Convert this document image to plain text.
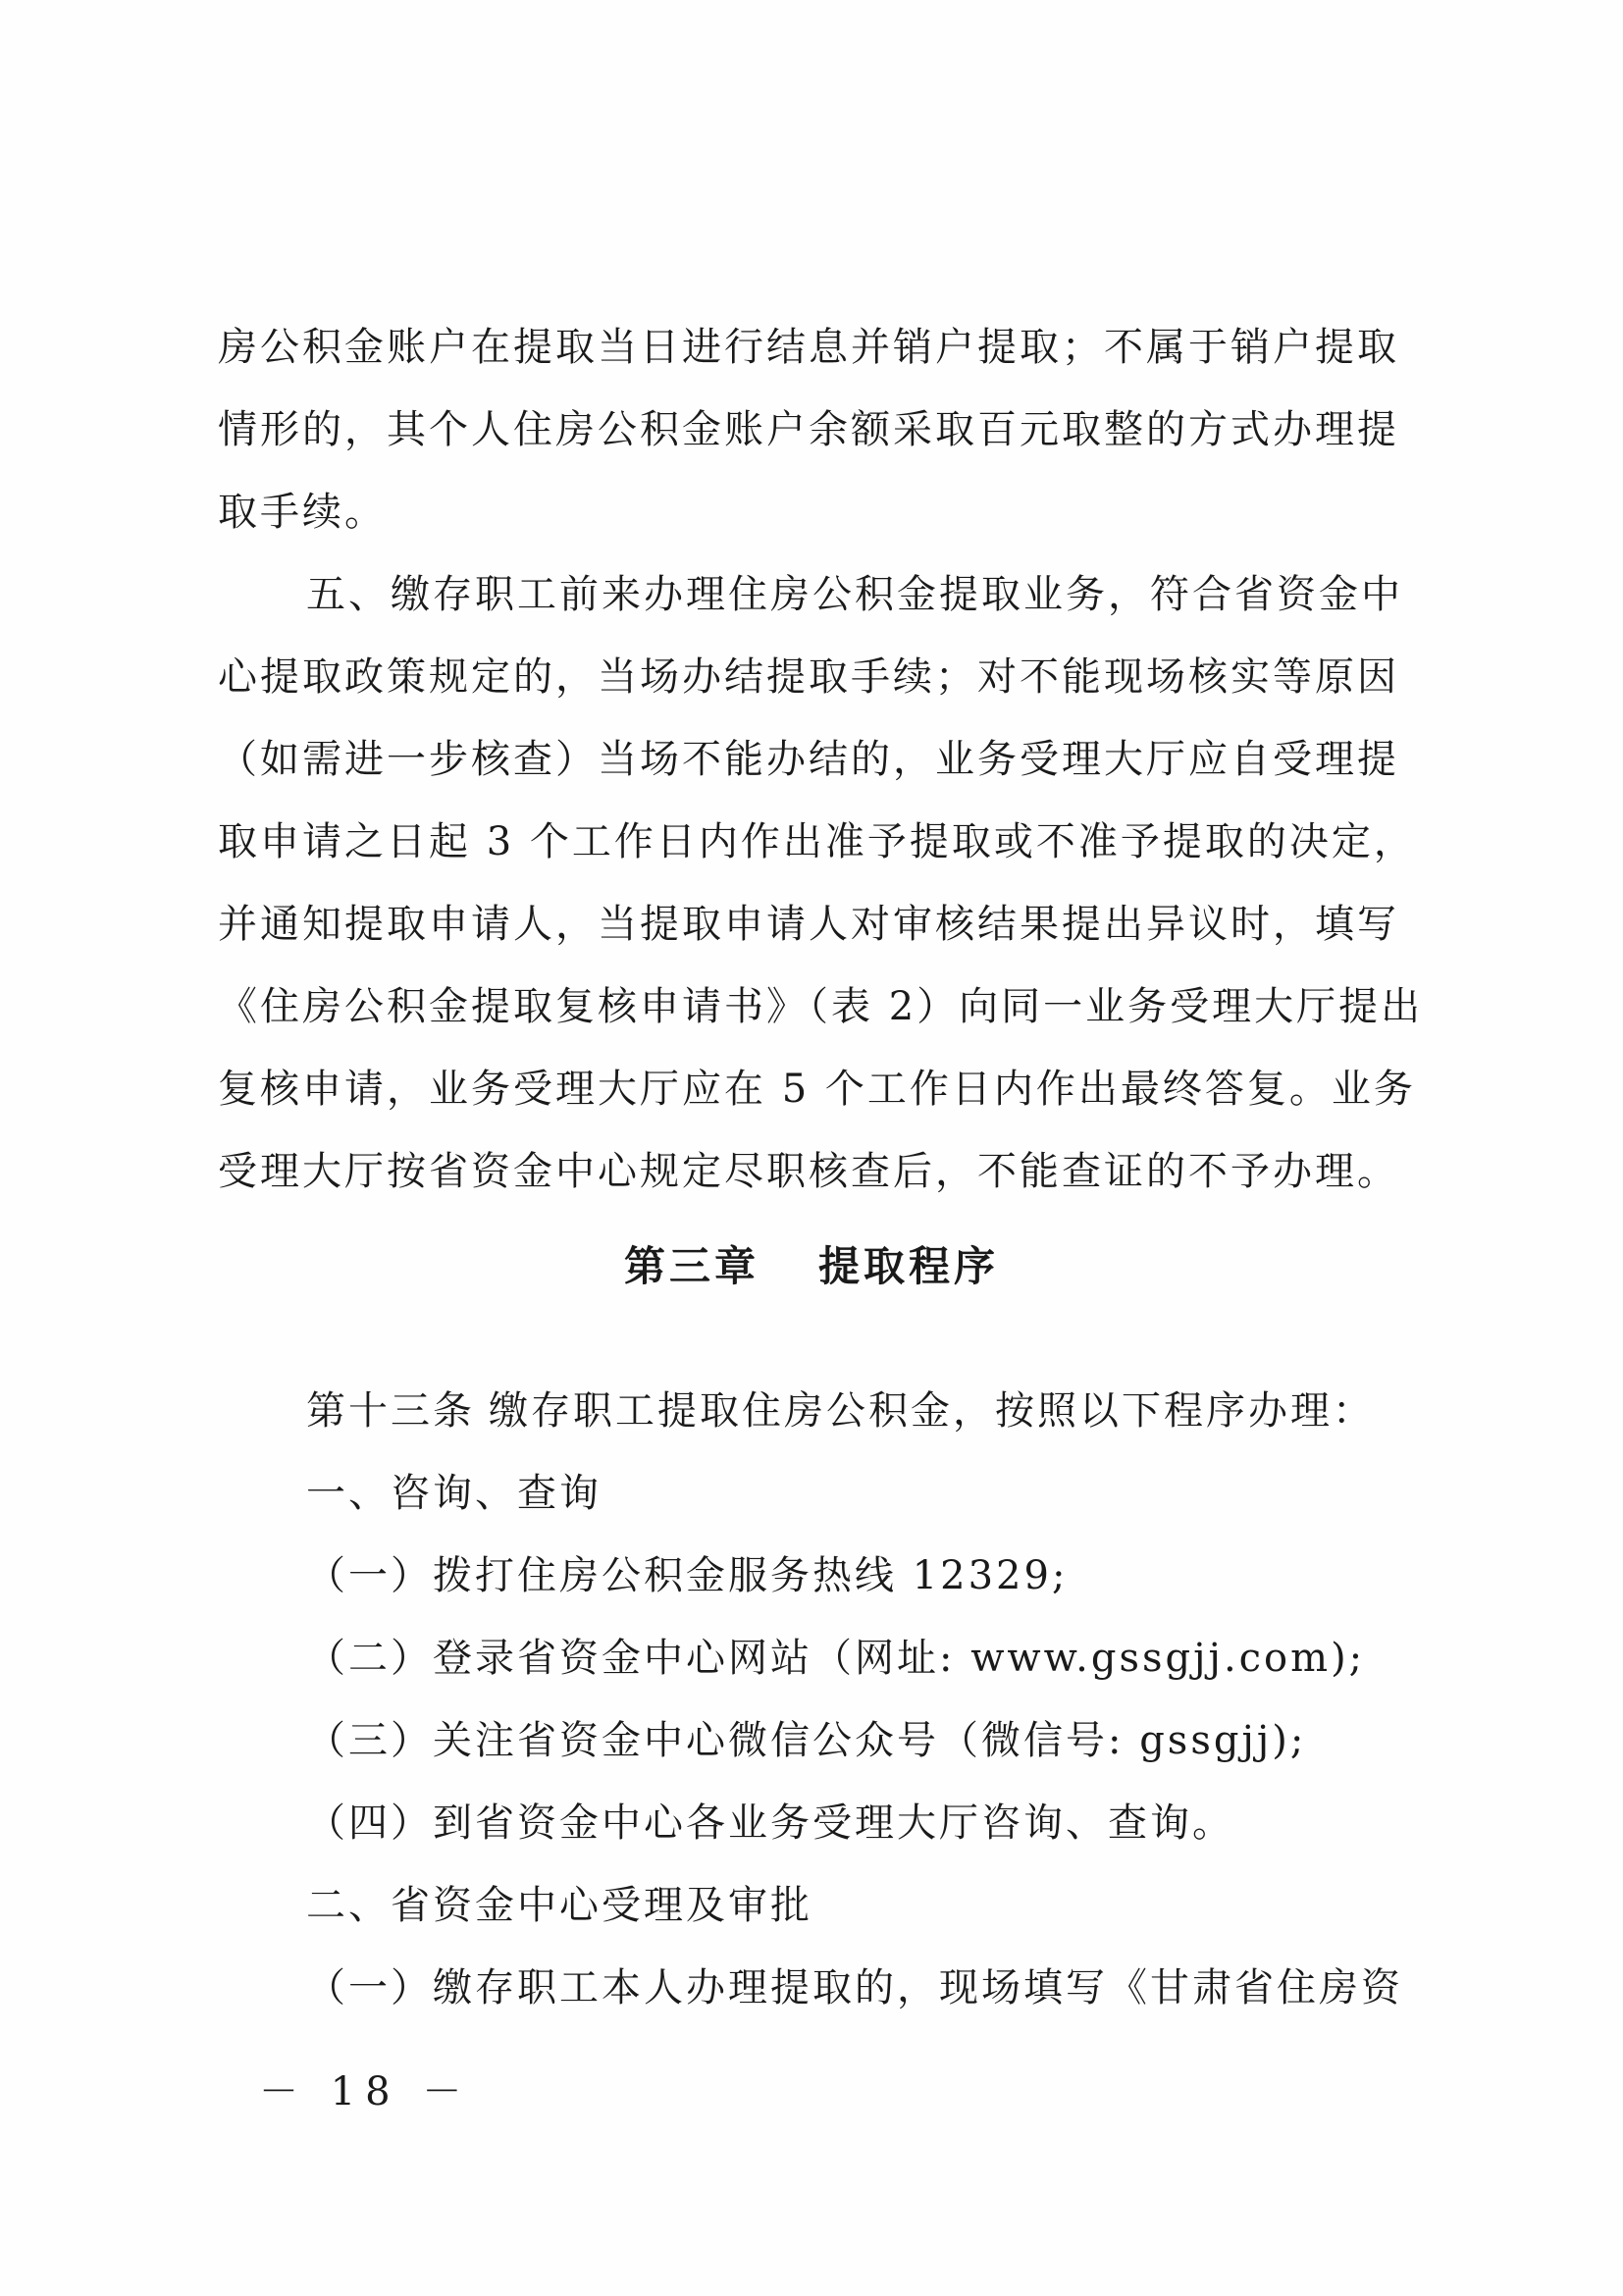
房公积金账户在提取当日进行结息并销户提取；不属于销户提取
情形的，其个人住房公积金账户余额采取百元取整的方式办理提
取手续。
五、缴存职工前来办理住房公积金提取业务，符合省资金中
心提取政策规定的，当场办结提取手续；对不能现场核实等原因
（如需进一步核查）当场不能办结的，业务受理大厅应自受理提
取申请之日起 3 个工作日内作出准予提取或不准予提取的决定，
并通知提取申请人，当提取申请人对审核结果提出异议时，填写
《住房公积金提取复核申请书》（表 2）向同一业务受理大厅提出
复核申请，业务受理大厅应在 5 个工作日内作出最终答复。业务
受理大厅按省资金中心规定尽职核查后，不能查证的不予办理。
第三章 提取程序
第十三条 缴存职工提取住房公积金，按照以下程序办理：
一、咨询、查询
（一）拨打住房公积金服务热线 12329;
（二）登录省资金中心网站（网址: www.gssgjj.com);
（三）关注省资金中心微信公众号（微信号: gssgjj);
（四）到省资金中心各业务受理大厅咨询、查询。
二、省资金中心受理及审批
（一）缴存职工本人办理提取的，现场填写《甘肃省住房资
－ 18 －
